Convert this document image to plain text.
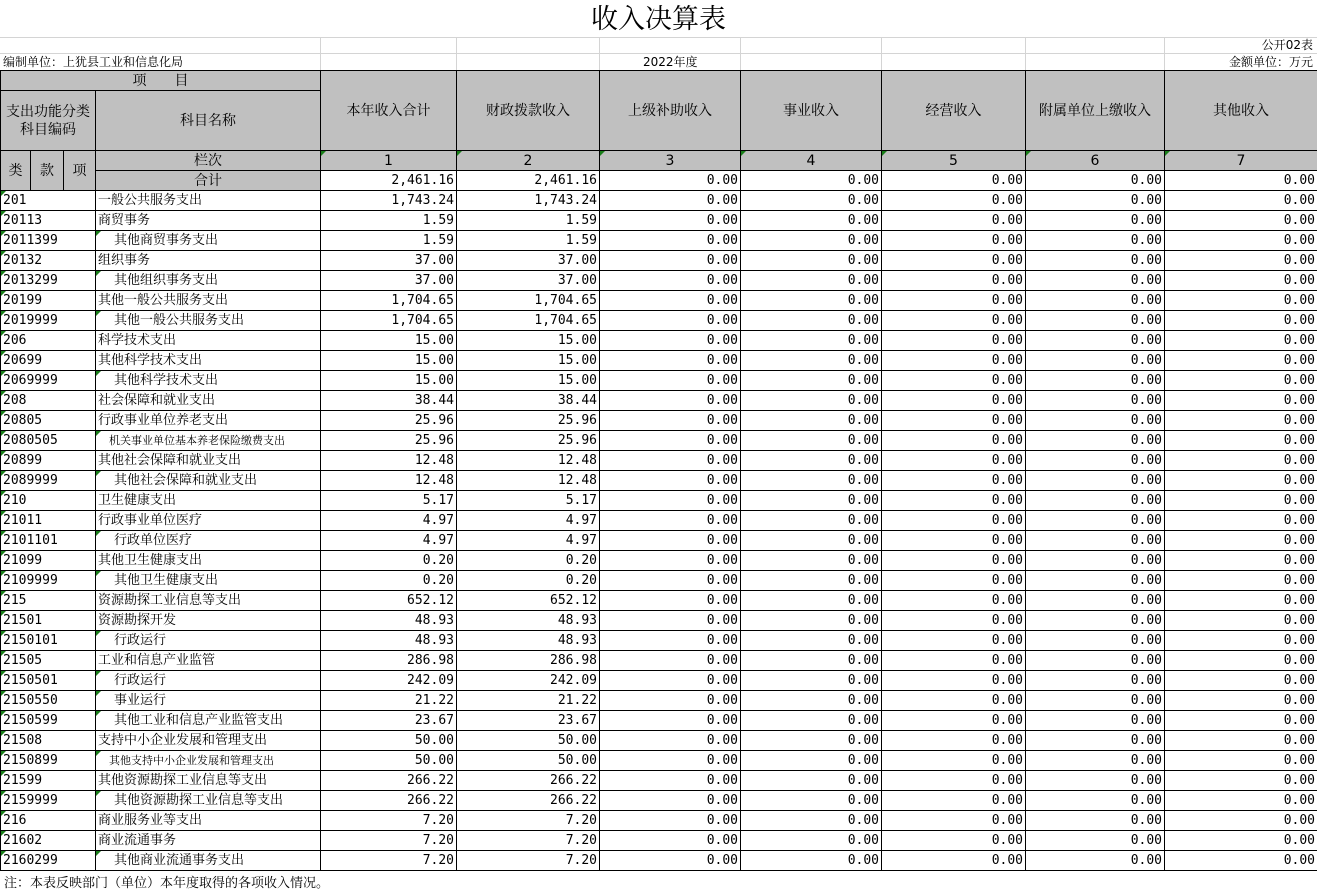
收入决算表
公开02表
编制单位：上犹县工业和信息化局	2022年度	金额单位：万元
项　　目				本年收入合计	财政拨款收入	上级补助收入	事业收入	经营收入	附属单位上缴收入	其他收入
支出功能分类科目编码			科目名称							
类	款	项	栏次	1	2	3	4	5	6	7
			合计	2,461.16	2,461.16	0.00	0.00	0.00	0.00	0.00
201			一般公共服务支出	1,743.24	1,743.24	0.00	0.00	0.00	0.00	0.00
20113			商贸事务	1.59	1.59	0.00	0.00	0.00	0.00	0.00
2011399			其他商贸事务支出	1.59	1.59	0.00	0.00	0.00	0.00	0.00
20132			组织事务	37.00	37.00	0.00	0.00	0.00	0.00	0.00
2013299			其他组织事务支出	37.00	37.00	0.00	0.00	0.00	0.00	0.00
20199			其他一般公共服务支出	1,704.65	1,704.65	0.00	0.00	0.00	0.00	0.00
2019999			其他一般公共服务支出	1,704.65	1,704.65	0.00	0.00	0.00	0.00	0.00
206			科学技术支出	15.00	15.00	0.00	0.00	0.00	0.00	0.00
20699			其他科学技术支出	15.00	15.00	0.00	0.00	0.00	0.00	0.00
2069999			其他科学技术支出	15.00	15.00	0.00	0.00	0.00	0.00	0.00
208			社会保障和就业支出	38.44	38.44	0.00	0.00	0.00	0.00	0.00
20805			行政事业单位养老支出	25.96	25.96	0.00	0.00	0.00	0.00	0.00
2080505			机关事业单位基本养老保险缴费支出	25.96	25.96	0.00	0.00	0.00	0.00	0.00
20899			其他社会保障和就业支出	12.48	12.48	0.00	0.00	0.00	0.00	0.00
2089999			其他社会保障和就业支出	12.48	12.48	0.00	0.00	0.00	0.00	0.00
210			卫生健康支出	5.17	5.17	0.00	0.00	0.00	0.00	0.00
21011			行政事业单位医疗	4.97	4.97	0.00	0.00	0.00	0.00	0.00
2101101			行政单位医疗	4.97	4.97	0.00	0.00	0.00	0.00	0.00
21099			其他卫生健康支出	0.20	0.20	0.00	0.00	0.00	0.00	0.00
2109999			其他卫生健康支出	0.20	0.20	0.00	0.00	0.00	0.00	0.00
215			资源勘探工业信息等支出	652.12	652.12	0.00	0.00	0.00	0.00	0.00
21501			资源勘探开发	48.93	48.93	0.00	0.00	0.00	0.00	0.00
2150101			行政运行	48.93	48.93	0.00	0.00	0.00	0.00	0.00
21505			工业和信息产业监管	286.98	286.98	0.00	0.00	0.00	0.00	0.00
2150501			行政运行	242.09	242.09	0.00	0.00	0.00	0.00	0.00
2150550			事业运行	21.22	21.22	0.00	0.00	0.00	0.00	0.00
2150599			其他工业和信息产业监管支出	23.67	23.67	0.00	0.00	0.00	0.00	0.00
21508			支持中小企业发展和管理支出	50.00	50.00	0.00	0.00	0.00	0.00	0.00
2150899			其他支持中小企业发展和管理支出	50.00	50.00	0.00	0.00	0.00	0.00	0.00
21599			其他资源勘探工业信息等支出	266.22	266.22	0.00	0.00	0.00	0.00	0.00
2159999			其他资源勘探工业信息等支出	266.22	266.22	0.00	0.00	0.00	0.00	0.00
216			商业服务业等支出	7.20	7.20	0.00	0.00	0.00	0.00	0.00
21602			商业流通事务	7.20	7.20	0.00	0.00	0.00	0.00	0.00
2160299			其他商业流通事务支出	7.20	7.20	0.00	0.00	0.00	0.00	0.00
注：本表反映部门（单位）本年度取得的各项收入情况。
